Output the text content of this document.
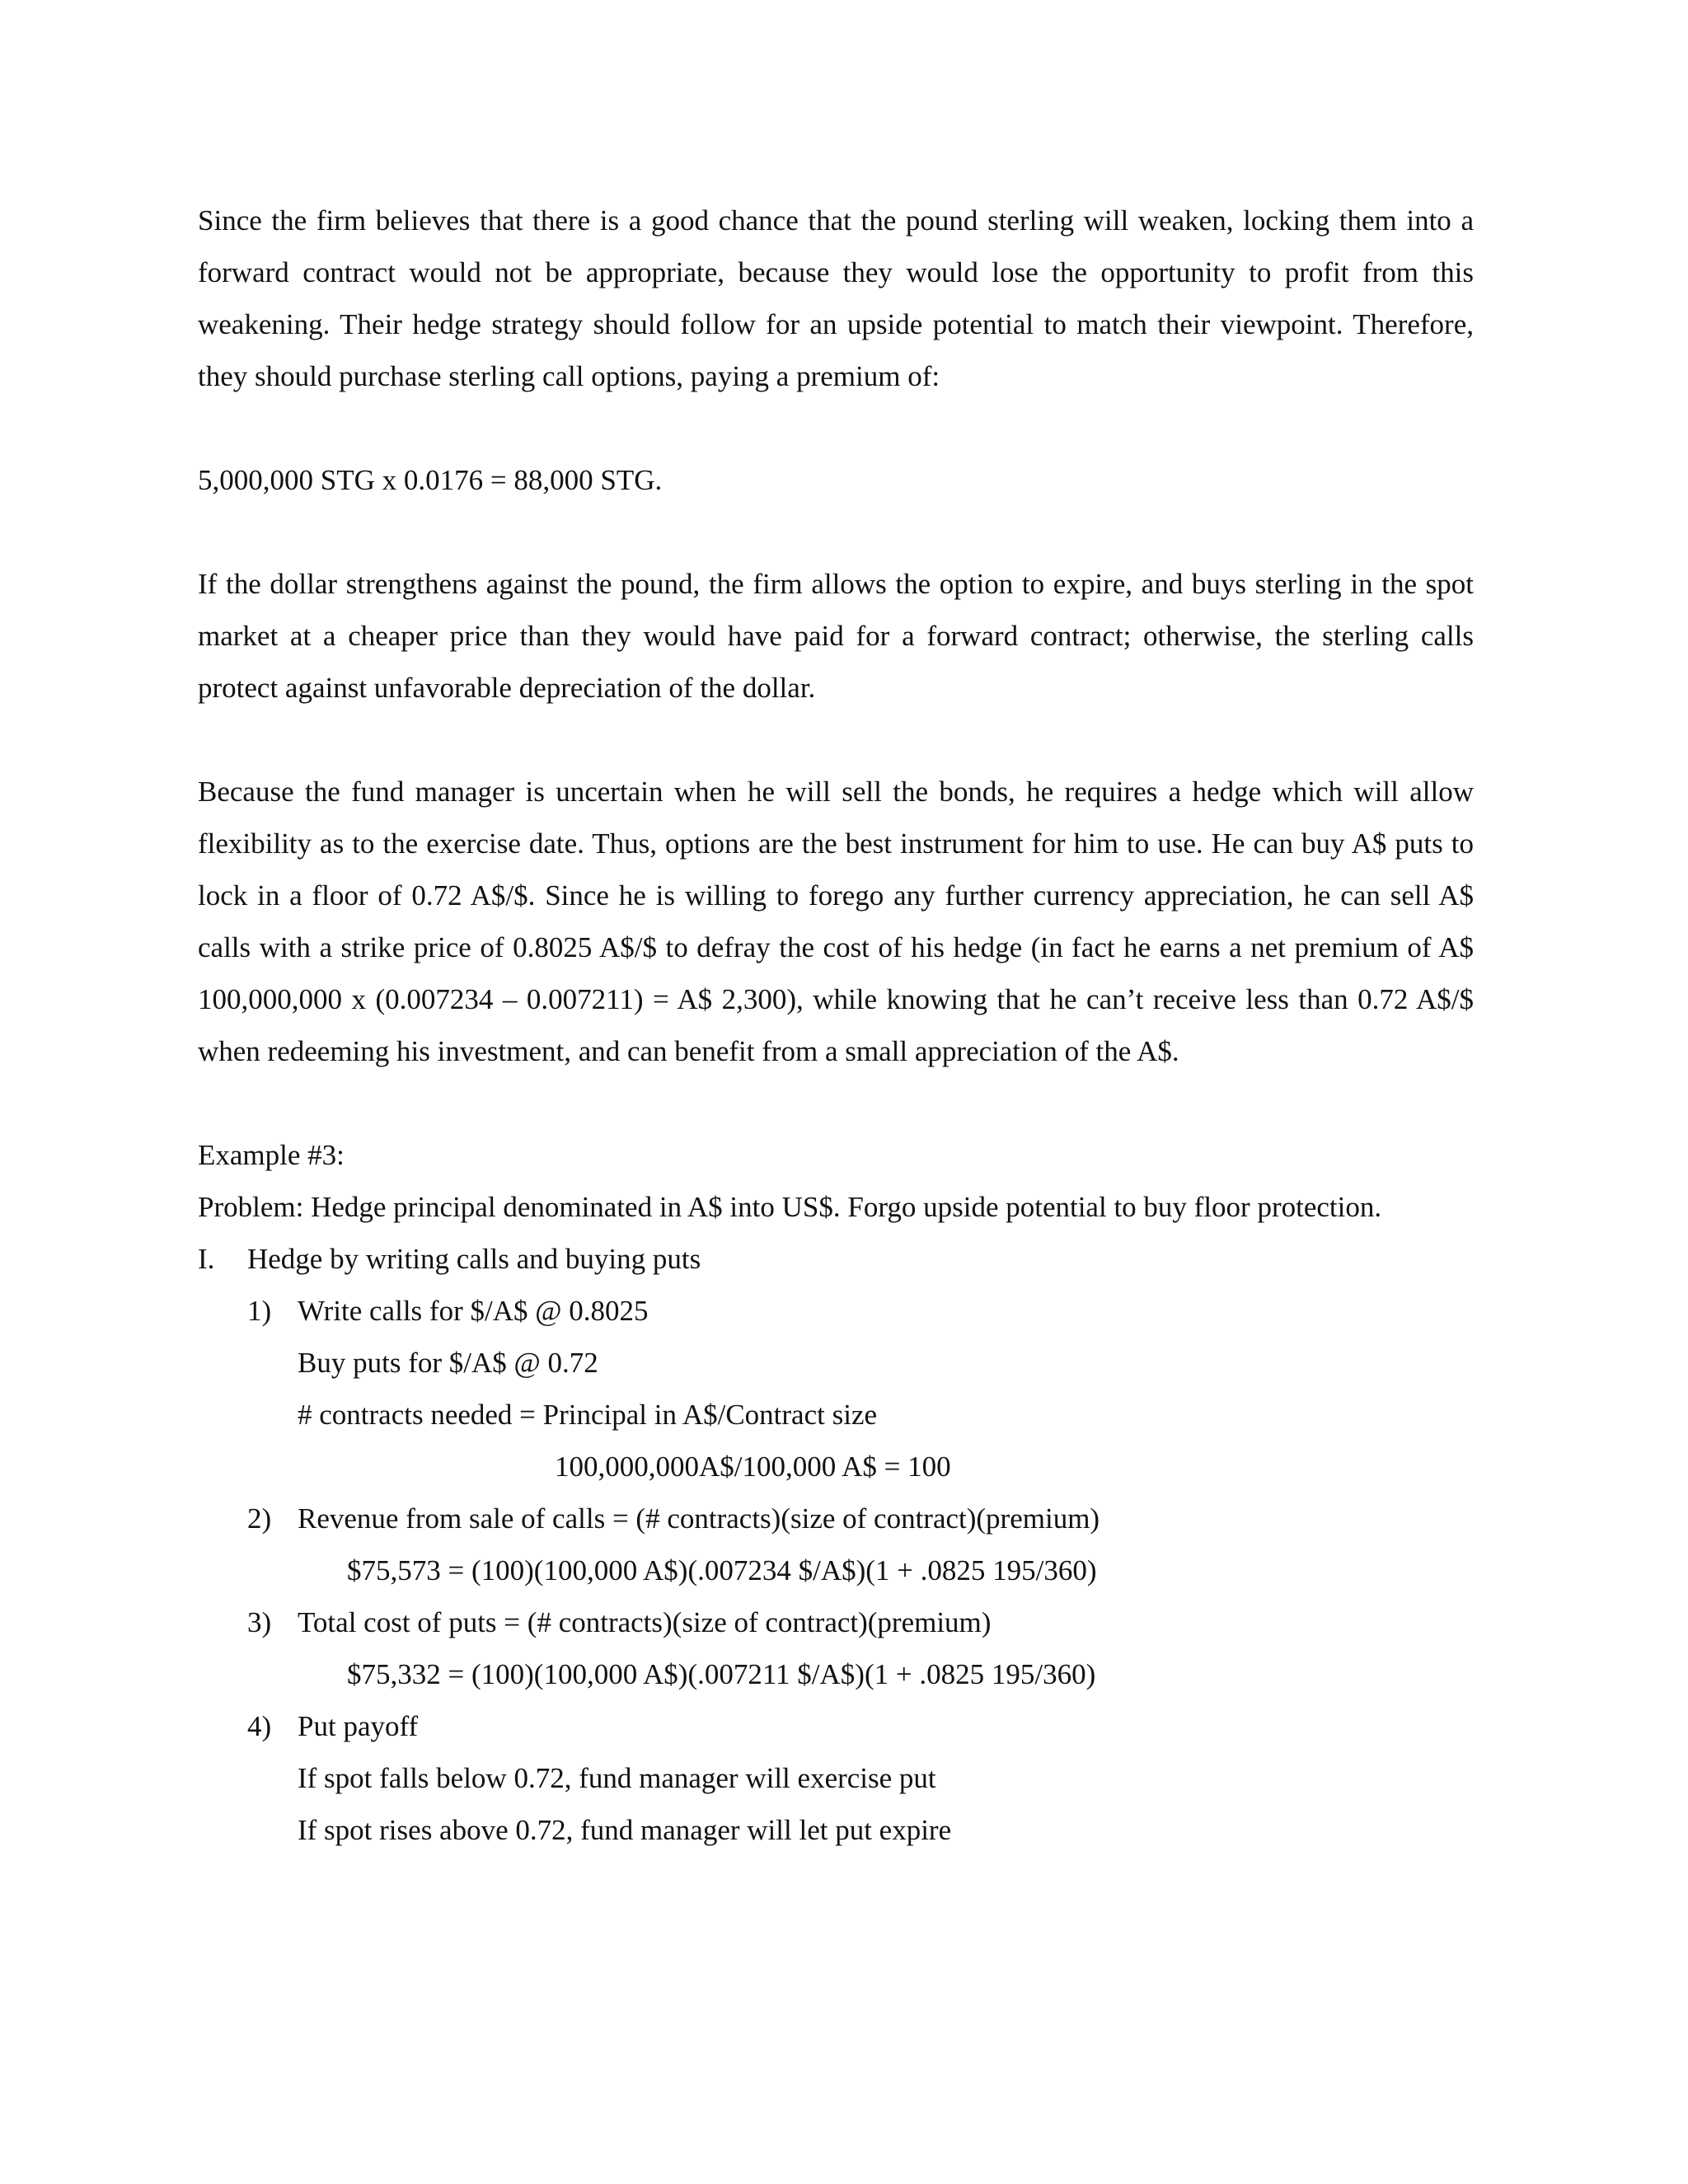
Since the firm believes that there is a good chance that the pound sterling will weaken, locking them into a forward contract would not be appropriate, because they would lose the opportunity to profit from this weakening. Their hedge strategy should follow for an upside potential to match their viewpoint. Therefore, they should purchase sterling call options, paying a premium of:

5,000,000 STG x 0.0176 = 88,000 STG.

If the dollar strengthens against the pound, the firm allows the option to expire, and buys sterling in the spot market at a cheaper price than they would have paid for a forward contract; otherwise, the sterling calls protect against unfavorable depreciation of the dollar.

Because the fund manager is uncertain when he will sell the bonds, he requires a hedge which will allow flexibility as to the exercise date. Thus, options are the best instrument for him to use. He can buy A$ puts to lock in a floor of 0.72 A$/$. Since he is willing to forego any further currency appreciation, he can sell A$ calls with a strike price of 0.8025 A$/$ to defray the cost of his hedge (in fact he earns a net premium of A$ 100,000,000 x (0.007234 – 0.007211) = A$ 2,300), while knowing that he can’t receive less than 0.72 A$/$ when redeeming his investment, and can benefit from a small appreciation of the A$.

Example #3:

Problem: Hedge principal denominated in A$ into US$. Forgo upside potential to buy floor protection.

I.	Hedge by writing calls and buying puts
1) Write calls for $/A$ @ 0.8025

Buy puts for $/A$ @ 0.72

# contracts needed = Principal in A$/Contract size

100,000,000A$/100,000 A$ = 100

2) Revenue from sale of calls = (# contracts)(size of contract)(premium)

$75,573 = (100)(100,000 A$)(.007234 $/A$)(1 + .0825 195/360)

3) Total cost of puts = (# contracts)(size of contract)(premium)

$75,332 = (100)(100,000 A$)(.007211 $/A$)(1 + .0825 195/360)

4) Put payoff

If spot falls below 0.72, fund manager will exercise put

If spot rises above 0.72, fund manager will let put expire
